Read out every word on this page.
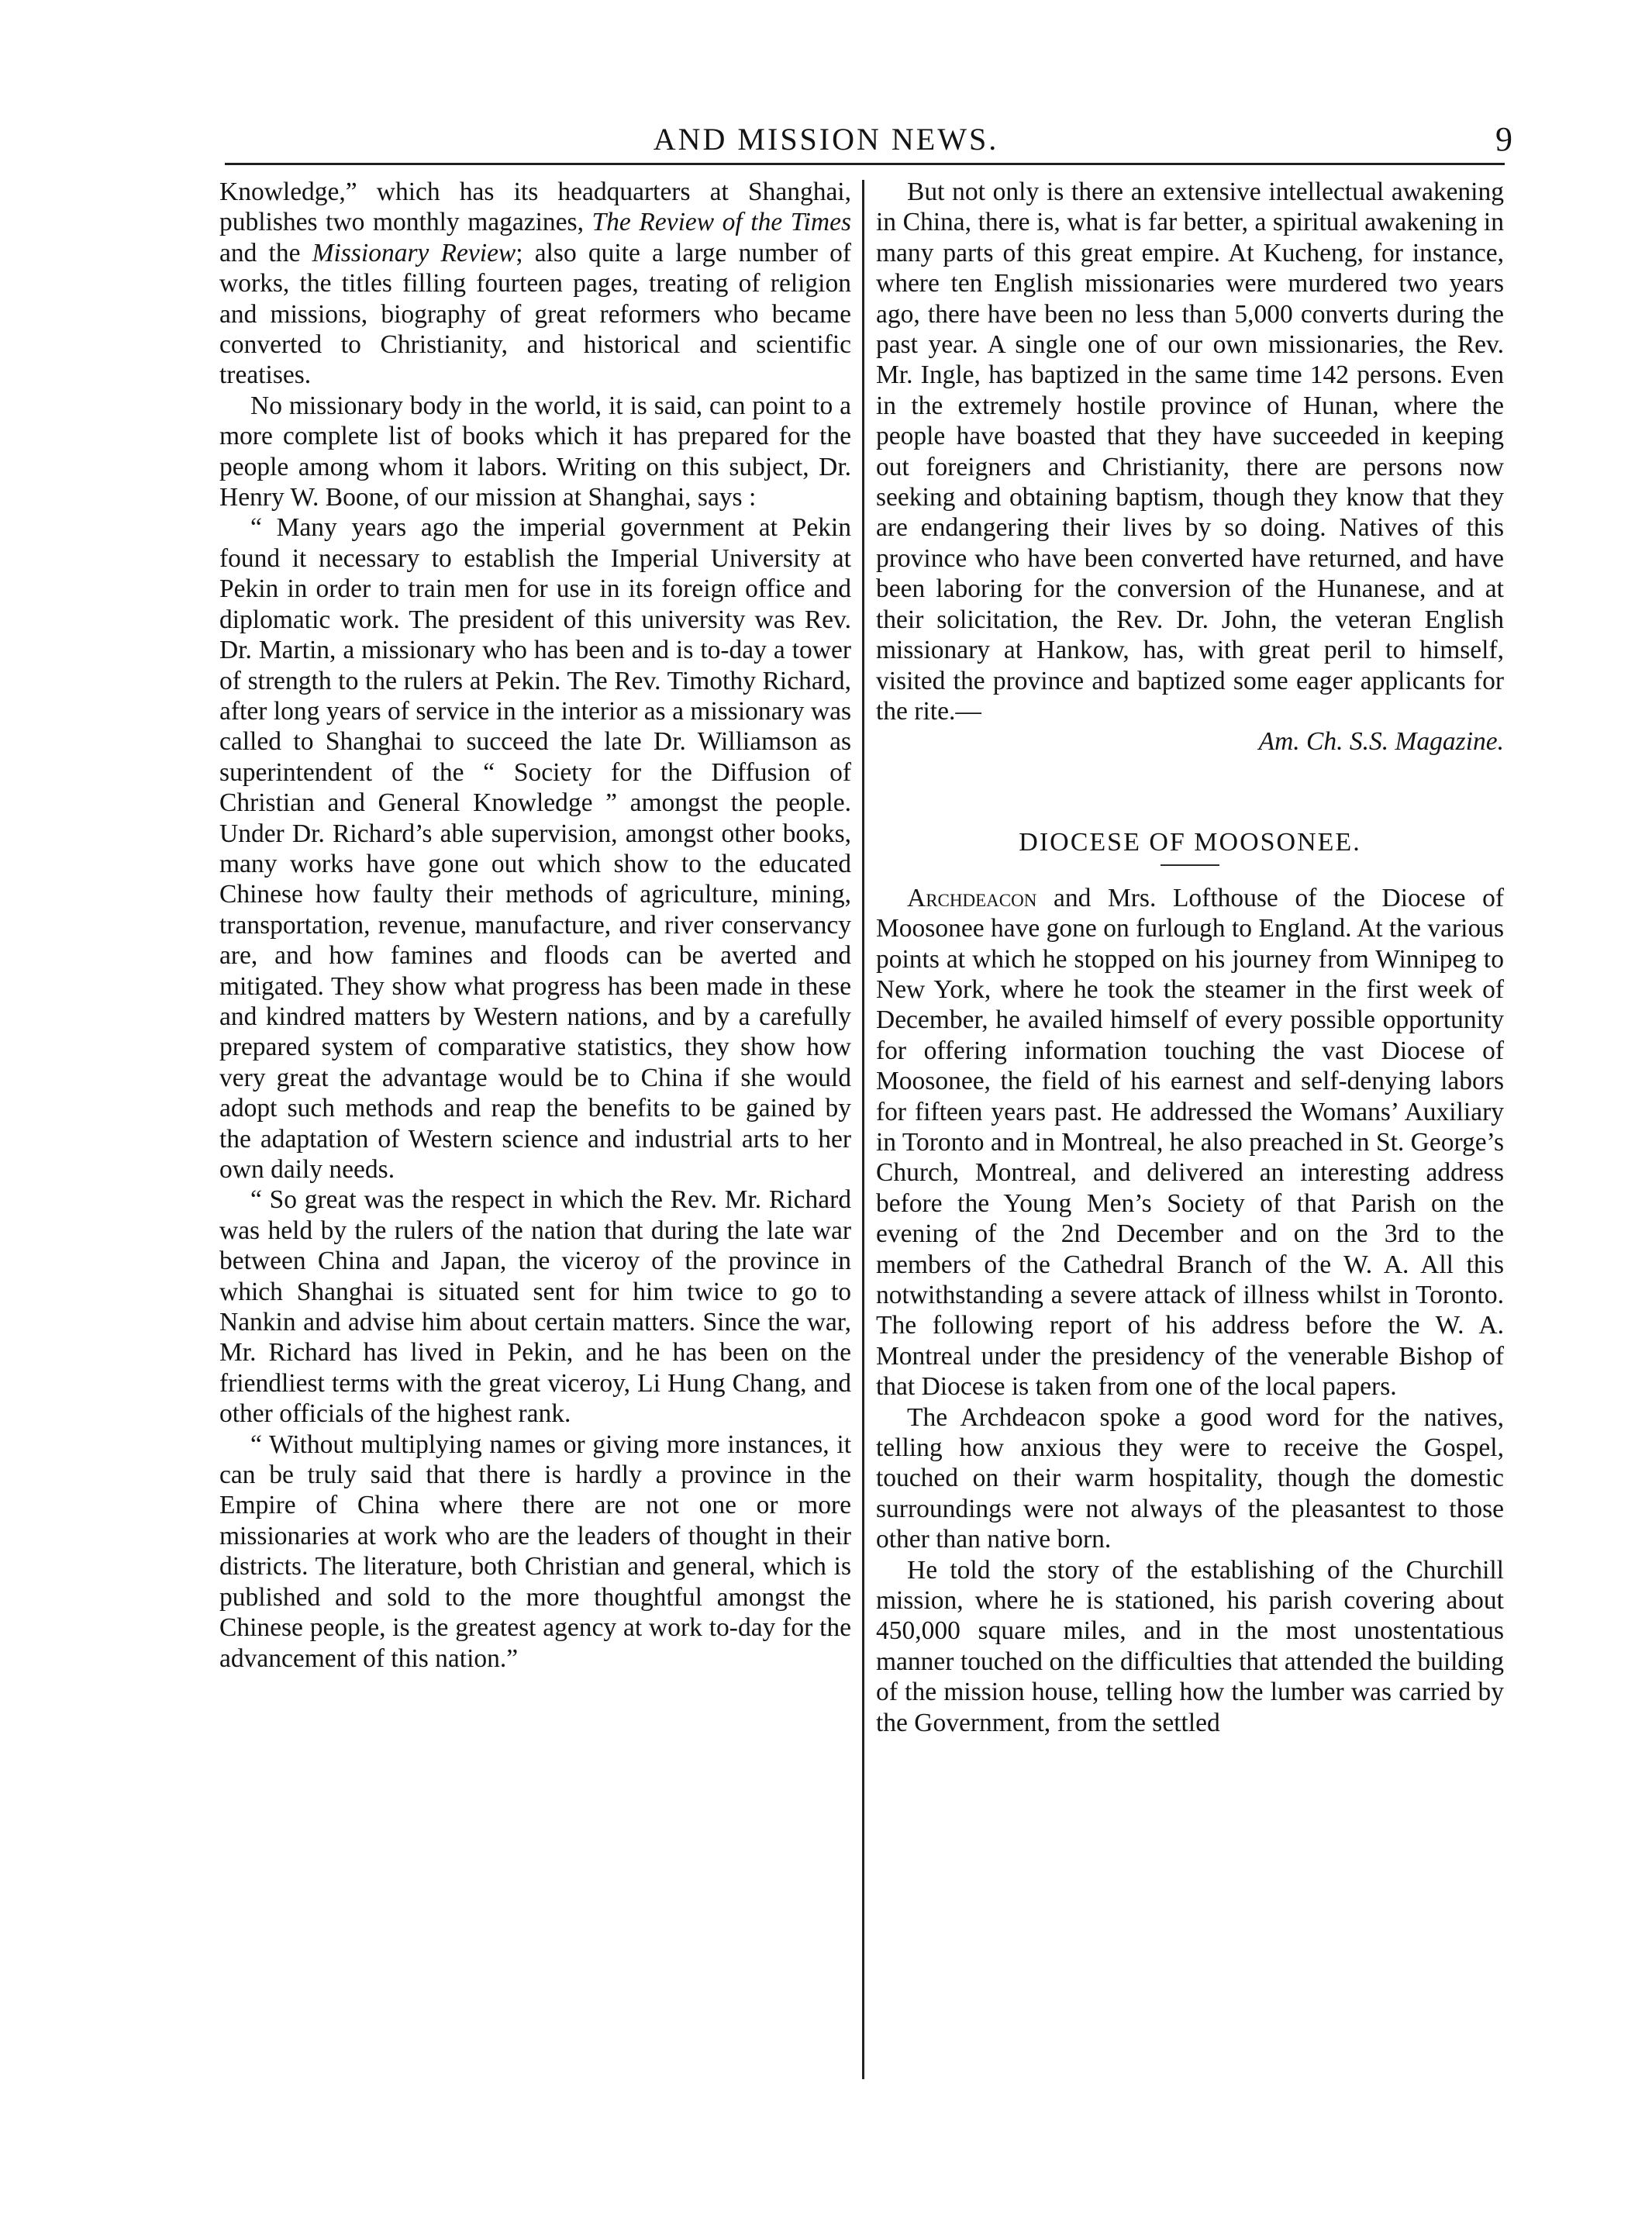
AND MISSION NEWS.	9

Knowledge,” which has its headquarters at Shanghai, publishes two monthly magazines, The Review of the Times and the Missionary Review; also quite a large number of works, the titles filling fourteen pages, treating of religion and missions, biography of great reformers who became converted to Christianity, and historical and scientific treatises.

No missionary body in the world, it is said, can point to a more complete list of books which it has prepared for the people among whom it labors. Writing on this subject, Dr. Henry W. Boone, of our mission at Shanghai, says :

“ Many years ago the imperial government at Pekin found it necessary to establish the Imperial University at Pekin in order to train men for use in its foreign office and diplomatic work. The president of this university was Rev. Dr. Martin, a missionary who has been and is to-day a tower of strength to the rulers at Pekin. The Rev. Timothy Richard, after long years of service in the interior as a missionary was called to Shanghai to succeed the late Dr. Williamson as superintendent of the “ Society for the Diffusion of Christian and General Knowledge ” amongst the people. Under Dr. Richard’s able supervision, amongst other books, many works have gone out which show to the educated Chinese how faulty their methods of agriculture, mining, transportation, revenue, manufacture, and river conservancy are, and how famines and floods can be averted and mitigated. They show what progress has been made in these and kindred matters by Western nations, and by a carefully prepared system of comparative statistics, they show how very great the advantage would be to China if she would adopt such methods and reap the benefits to be gained by the adaptation of Western science and industrial arts to her own daily needs.

“ So great was the respect in which the Rev. Mr. Richard was held by the rulers of the nation that during the late war between China and Japan, the viceroy of the province in which Shanghai is situated sent for him twice to go to Nankin and advise him about certain matters. Since the war, Mr. Richard has lived in Pekin, and he has been on the friendliest terms with the great viceroy, Li Hung Chang, and other officials of the highest rank.

“ Without multiplying names or giving more instances, it can be truly said that there is hardly a province in the Empire of China where there are not one or more missionaries at work who are the leaders of thought in their districts. The literature, both Christian and general, which is published and sold to the more thoughtful amongst the Chinese people, is the greatest agency at work to-day for the advancement of this nation.”

But not only is there an extensive intellectual awakening in China, there is, what is far better, a spiritual awakening in many parts of this great empire. At Kucheng, for instance, where ten English missionaries were murdered two years ago, there have been no less than 5,000 converts during the past year. A single one of our own missionaries, the Rev. Mr. Ingle, has baptized in the same time 142 persons. Even in the extremely hostile province of Hunan, where the people have boasted that they have succeeded in keeping out foreigners and Christianity, there are persons now seeking and obtaining baptism, though they know that they are endangering their lives by so doing. Natives of this province who have been converted have returned, and have been laboring for the conversion of the Hunanese, and at their solicitation, the Rev. Dr. John, the veteran English missionary at Hankow, has, with great peril to himself, visited the province and baptized some eager applicants for the rite.—

Am. Ch. S.S. Magazine.

DIOCESE OF MOOSONEE.

Archdeacon and Mrs. Lofthouse of the Diocese of Moosonee have gone on furlough to England. At the various points at which he stopped on his journey from Winnipeg to New York, where he took the steamer in the first week of December, he availed himself of every possible opportunity for offering information touching the vast Diocese of Moosonee, the field of his earnest and self-denying labors for fifteen years past. He addressed the Womans’ Auxiliary in Toronto and in Montreal, he also preached in St. George’s Church, Montreal, and delivered an interesting address before the Young Men’s Society of that Parish on the evening of the 2nd December and on the 3rd to the members of the Cathedral Branch of the W. A. All this notwithstanding a severe attack of illness whilst in Toronto. The following report of his address before the W. A. Montreal under the presidency of the venerable Bishop of that Diocese is taken from one of the local papers.

The Archdeacon spoke a good word for the natives, telling how anxious they were to receive the Gospel, touched on their warm hospitality, though the domestic surroundings were not always of the pleasantest to those other than native born.

He told the story of the establishing of the Churchill mission, where he is stationed, his parish covering about 450,000 square miles, and in the most unostentatious manner touched on the difficulties that attended the building of the mission house, telling how the lumber was carried by the Government, from the settled
